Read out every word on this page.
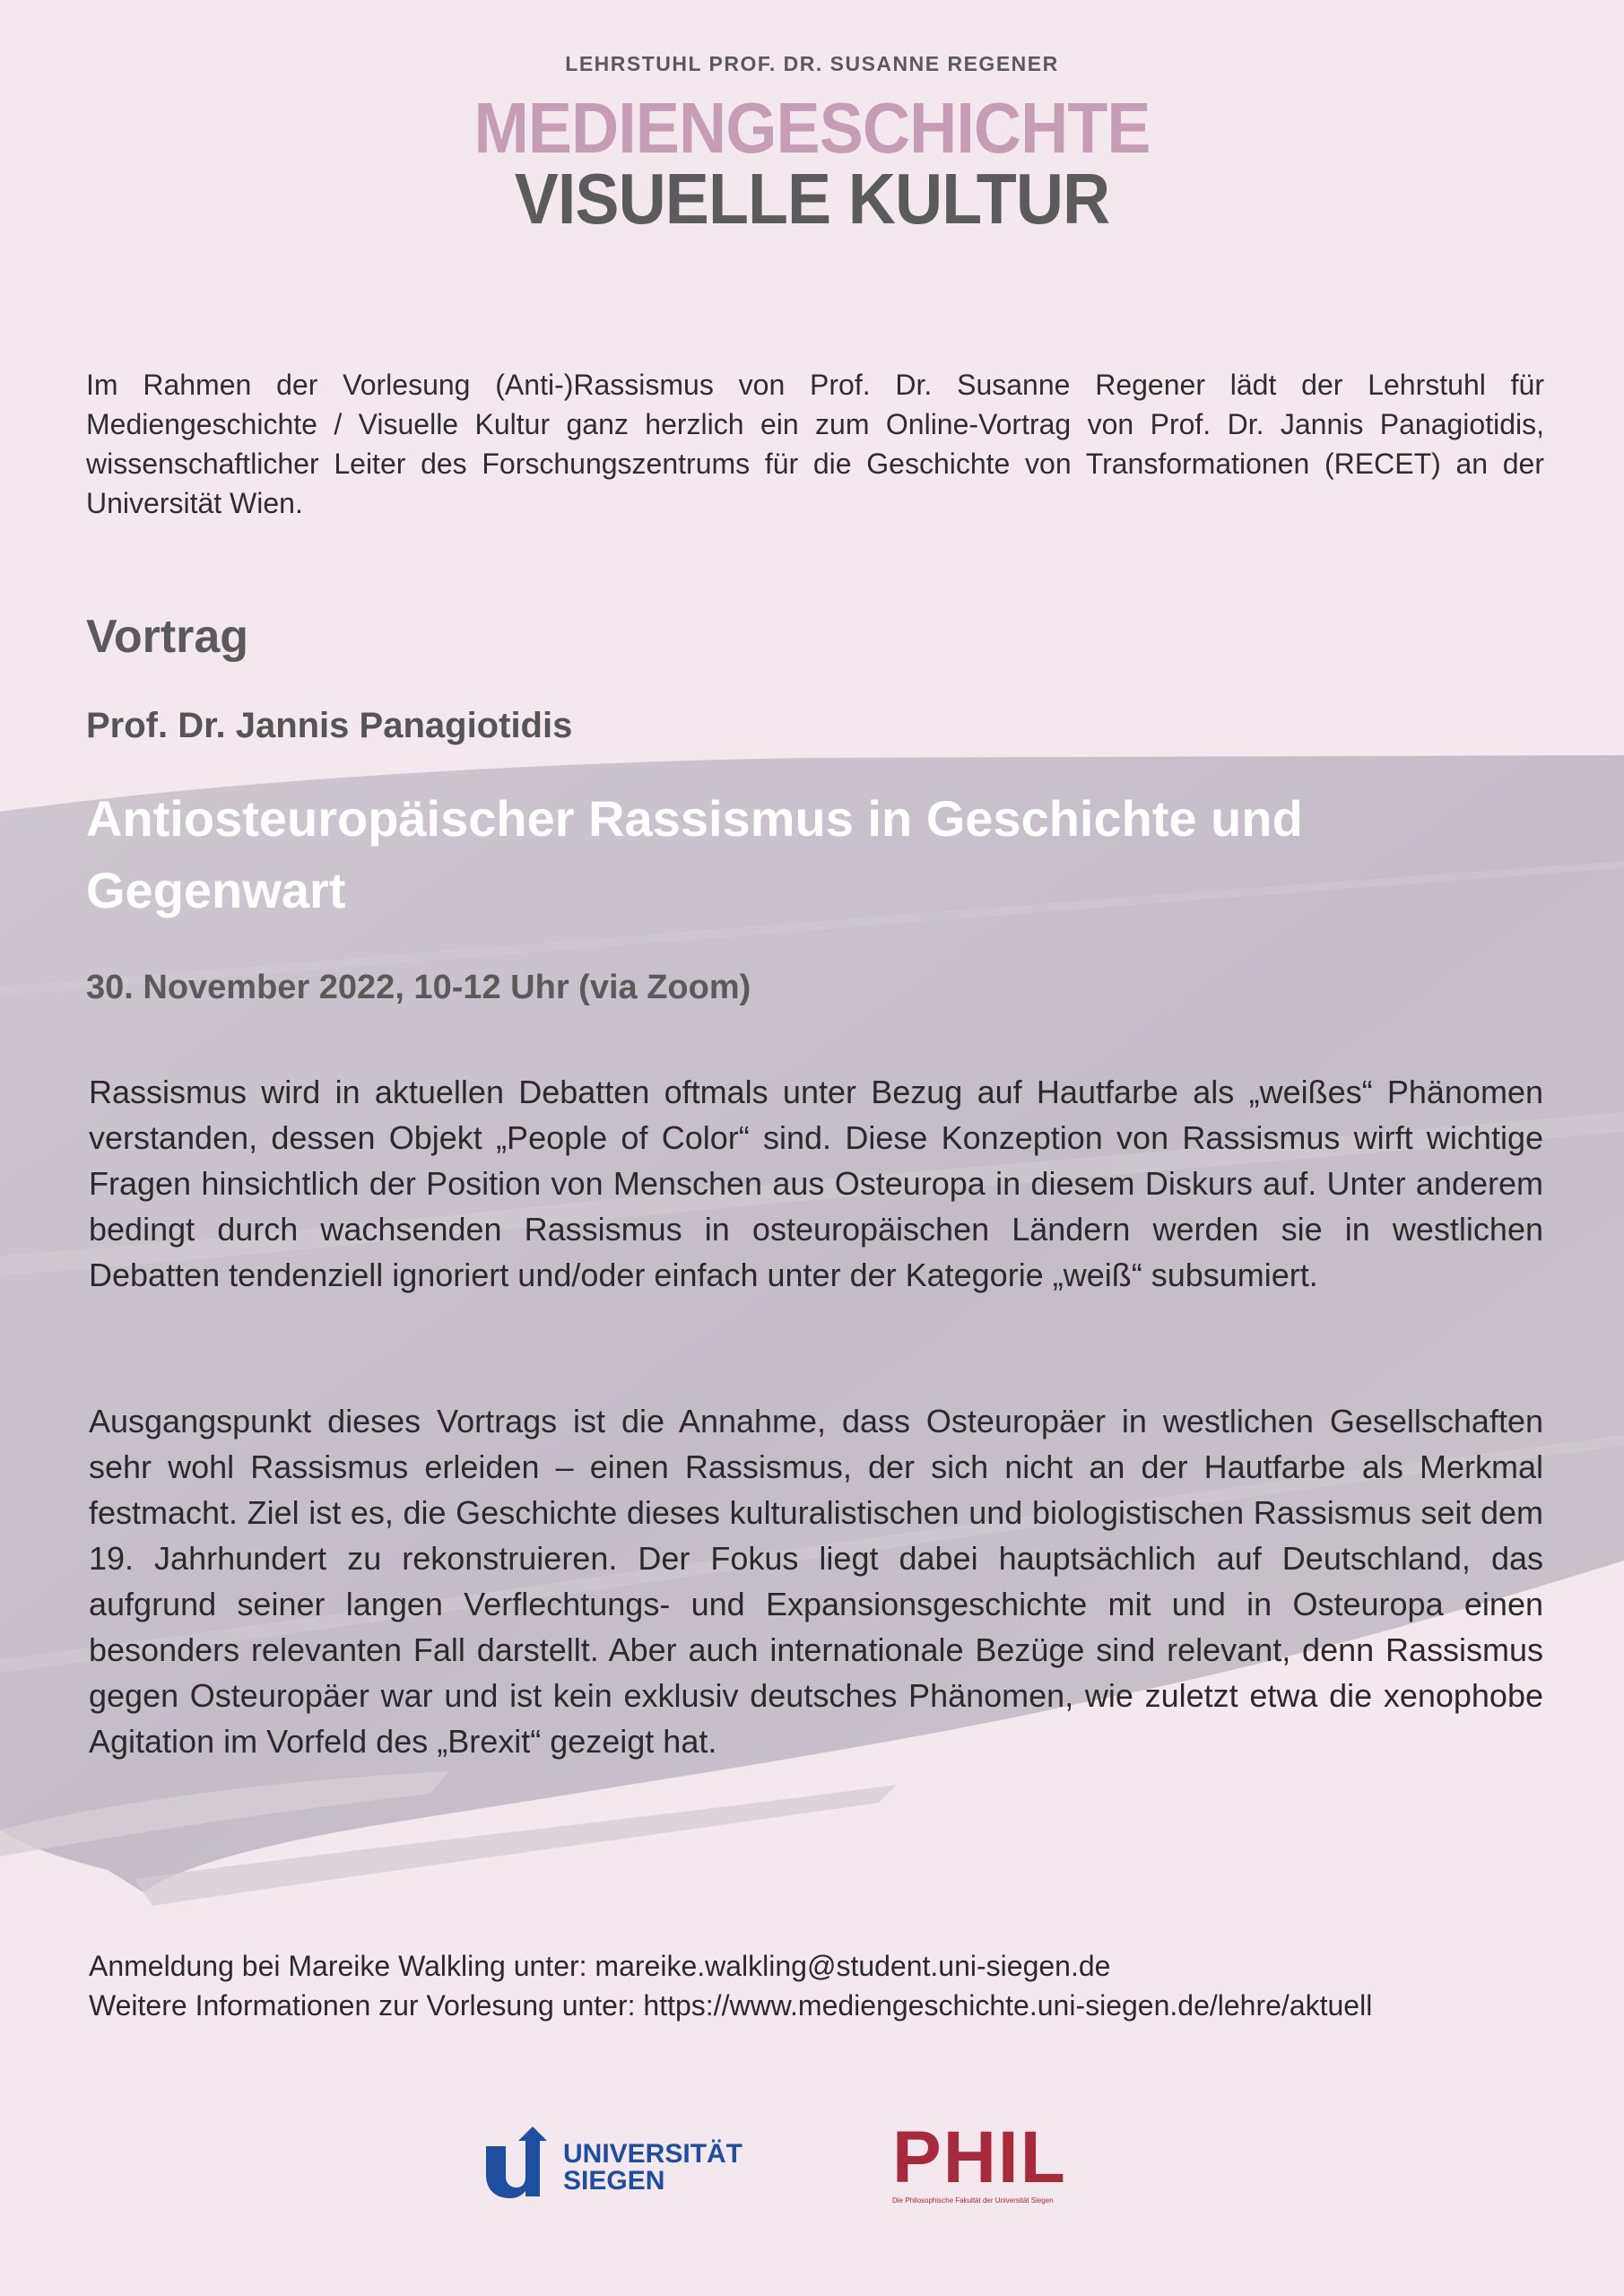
LEHRSTUHL PROF. DR. SUSANNE REGENER
MEDIENGESCHICHTE
VISUELLE KULTUR
Im Rahmen der Vorlesung (Anti-)Rassismus von Prof. Dr. Susanne Regener lädt der Lehrstuhl für Mediengeschichte / Visuelle Kultur ganz herzlich ein zum Online-Vortrag von Prof. Dr. Jannis Panagiotidis, wissenschaftlicher Leiter des Forschungszentrums für die Geschichte von Transformationen (RECET) an der Universität Wien.
Vortrag
Prof. Dr. Jannis Panagiotidis
Antiosteuropäischer Rassismus in Geschichte und Gegenwart
30. November 2022, 10-12 Uhr (via Zoom)
Rassismus wird in aktuellen Debatten oftmals unter Bezug auf Hautfarbe als „weißes“ Phänomen verstanden, dessen Objekt „People of Color“ sind. Diese Konzeption von Rassismus wirft wichtige Fragen hinsichtlich der Position von Menschen aus Osteuropa in diesem Diskurs auf. Unter anderem bedingt durch wachsenden Rassismus in osteuropäischen Ländern werden sie in westlichen Debatten tendenziell ignoriert und/oder einfach unter der Kategorie „weiß“ subsumiert.
Ausgangspunkt dieses Vortrags ist die Annahme, dass Osteuropäer in westlichen Gesellschaften sehr wohl Rassismus erleiden – einen Rassismus, der sich nicht an der Hautfarbe als Merkmal festmacht. Ziel ist es, die Geschichte dieses kulturalistischen und biologistischen Rassismus seit dem 19. Jahrhundert zu rekonstruieren. Der Fokus liegt dabei hauptsächlich auf Deutschland, das aufgrund seiner langen Verflechtungs- und Expansionsgeschichte mit und in Osteuropa einen besonders relevanten Fall darstellt. Aber auch internationale Bezüge sind relevant, denn Rassismus gegen Osteuropäer war und ist kein exklusiv deutsches Phänomen, wie zuletzt etwa die xenophobe Agitation im Vorfeld des „Brexit“ gezeigt hat.
Anmeldung bei Mareike Walkling unter: mareike.walkling@student.uni-siegen.de
Weitere Informationen zur Vorlesung unter: https://www.mediengeschichte.uni-siegen.de/lehre/aktuell
UNIVERSITÄT
SIEGEN	PHIL
Die Philosophische Fakultät der Universität Siegen
